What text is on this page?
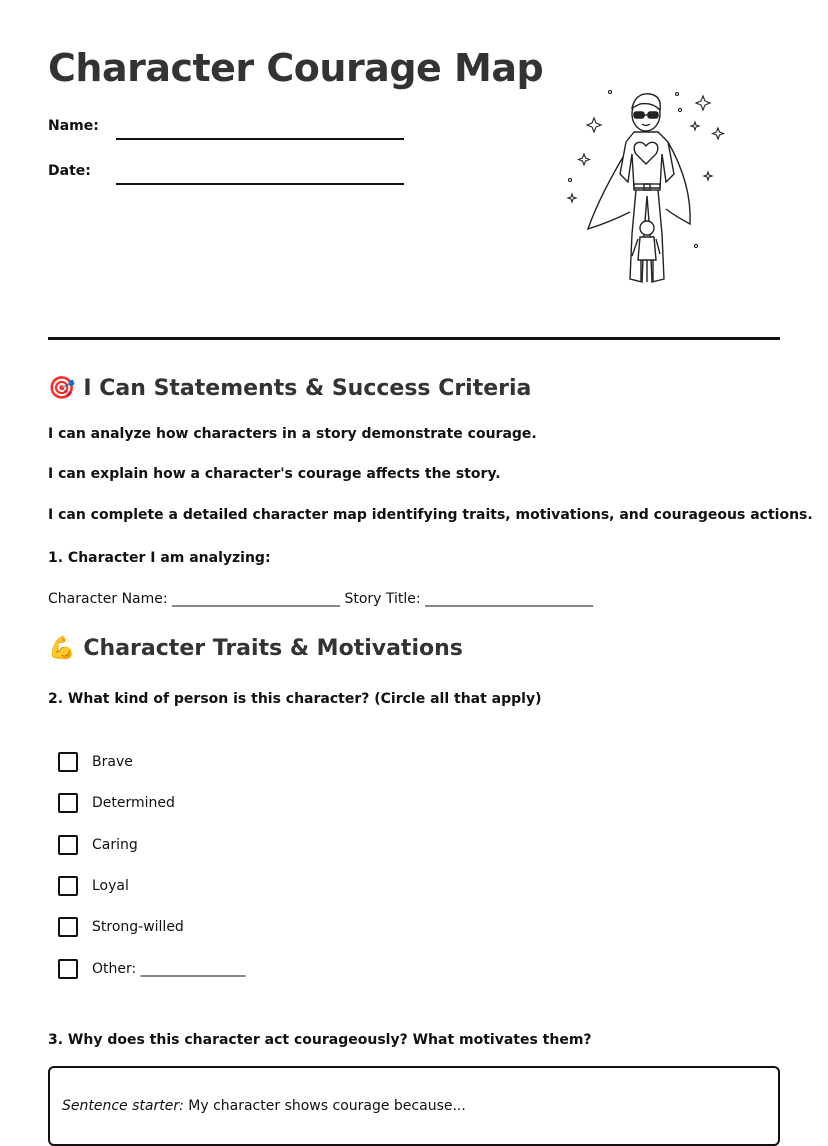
Character Courage Map
Name:
Date:
🎯 I Can Statements & Success Criteria
I can analyze how characters in a story demonstrate courage.
I can explain how a character's courage affects the story.
I can complete a detailed character map identifying traits, motivations, and courageous actions.
1. Character I am analyzing:
Character Name: ________________________ Story Title: ________________________
💪 Character Traits & Motivations
2. What kind of person is this character? (Circle all that apply)
Brave
Determined
Caring
Loyal
Strong-willed
Other: _______________
3. Why does this character act courageously? What motivates them?
Sentence starter: My character shows courage because...
